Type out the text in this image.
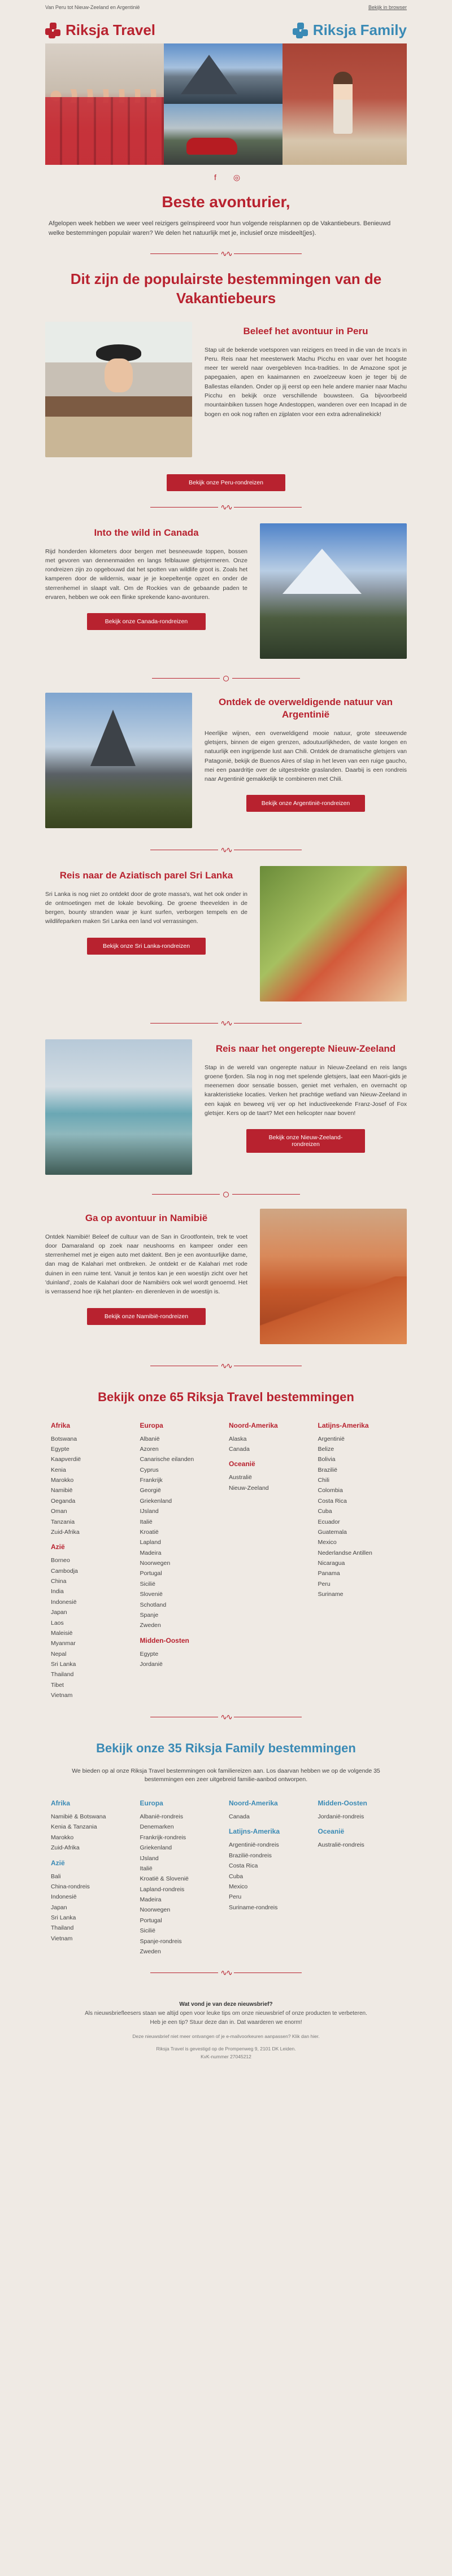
Van Peru tot Nieuw-Zeeland en Argentinië	Bekijk in browser
Riksja Travel	Riksja Family
f	◎
Beste avonturier,

Afgelopen week hebben we weer veel reizigers geïnspireerd voor hun volgende reisplannen op de Vakantiebeurs. Benieuwd welke bestemmingen populair waren? We delen het natuurlijk met je, inclusief onze misdeelt(jes).

∿∿
Dit zijn de populairste bestemmingen van de Vakantiebeurs
Beleef het avontuur in Peru

Stap uit de bekende voetsporen van reizigers en treed in die van de Inca's in Peru. Reis naar het meesterwerk Machu Picchu en vaar over het hoogste meer ter wereld naar overgebleven Inca-tradities. In de Amazone spot je papegaaien, apen en kaaimannen en zwoelzeeuw koen je teger bij de Ballestas eilanden. Onder op jij eerst op een hele andere manier naar Machu Picchu en bekijk onze verschillende bouwsteen. Ga bijvoorbeeld mountainbiken tussen hoge Andestoppen, wanderen over een Incapad in de bogen en ook nog raften en zijplaten voor een extra adrenalinekick!

Bekijk onze Peru-rondreizen
∿∿
Into the wild in Canada

Rijd honderden kilometers door bergen met besneeuwde toppen, bossen met gevoren van dennenmaiden en langs felblauwe gletsjermeren. Onze rondreizen zijn zo opgebouwd dat het spotten van wildlife groot is. Zoals het kamperen door de wildernis, waar je je koepeltentje opzet en onder de sterrenhemel in slaapt valt. Om de Rockies van de gebaande paden te ervaren, hebben we ook een flinke sprekende kano-avonturen.

Bekijk onze Canada-rondreizen
Ontdek de overweldigende natuur van Argentinië

Heerlijke wijnen, een overweldigend mooie natuur, grote steeuwende gletsjers, binnen de eigen grenzen, adoutuurlijkheden, de vaste longen en natuurlijk een ingrijpende lust aan Chili. Ontdek de dramatische gletsjers van Patagonië, bekijk de Buenos Aires of slap in het leven van een ruige gaucho, mei een paardritje over de uitgestrekte graslanden. Daarbij is een rondreis naar Argentinië gemakkelijk te combineren met Chili.

Bekijk onze Argentinië-rondreizen
∿∿
Reis naar de Aziatisch parel Sri Lanka

Sri Lanka is nog niet zo ontdekt door de grote massa's, wat het ook onder in de ontmoetingen met de lokale bevolking. De groene theevelden in de bergen, bounty stranden waar je kunt surfen, verborgen tempels en de wildlifeparken maken Sri Lanka een land vol verrassingen.

Bekijk onze Sri Lanka-rondreizen
∿∿
Reis naar het ongerepte Nieuw-Zeeland

Stap in de wereld van ongerepte natuur in Nieuw-Zeeland en reis langs groene fjorden. Sla nog in nog met spelende gletsjers, laat een Maori-gids je meenemen door sensatie bossen, geniet met verhalen, en overnacht op karakteristieke locaties. Verken het prachtige wetland van Nieuw-Zeeland in een kajak en beweeg vrij ver op het inductiveekende Franz-Josef of Fox gletsjer. Kers op de taart? Met een helicopter naar boven!

Bekijk onze Nieuw-Zeeland-rondreizen
Ga op avontuur in Namibië

Ontdek Namibië! Beleef de cultuur van de San in Grootfontein, trek te voet door Damaraland op zoek naar neushoorns en kampeer onder een sterrenhemel met je eigen auto met daktent. Ben je een avontuurlijke dame, dan mag de Kalahari met ontbreken. Je ontdekt er de Kalahari met rode duinen in een ruime tent. Vanuit je tentos kan je een woestijn zicht over het 'duinland', zoals de Kalahari door de Namibiërs ook wel wordt genoemd. Het is verrassend hoe rijk het planten- en dierenleven in de woestijn is.

Bekijk onze Namibië-rondreizen
∿∿
Bekijk onze 65 Riksja Travel bestemmingen
Afrika
Botswana
Egypte
Kaapverdië
Kenia
Marokko
Namibië
Oeganda
Oman
Tanzania
Zuid-Afrika
Azië
Borneo
Cambodja
China
India
Indonesië
Japan
Laos
Maleisië
Myanmar
Nepal
Sri Lanka
Thailand
Tibet
Vietnam
Europa
Albanië
Azoren
Canarische eilanden
Cyprus
Frankrijk
Georgië
Griekenland
IJsland
Italië
Kroatië
Lapland
Madeira
Noorwegen
Portugal
Sicilië
Slovenië
Schotland
Spanje
Zweden
Midden-Oosten
Egypte
Jordanië
Noord-Amerika
Alaska
Canada
Oceanië
Australië
Nieuw-Zeeland
Latijns-Amerika
Argentinië
Belize
Bolivia
Brazilië
Chili
Colombia
Costa Rica
Cuba
Ecuador
Guatemala
Mexico
Nederlandse Antillen
Nicaragua
Panama
Peru
Suriname
∿∿
Bekijk onze 35 Riksja Family bestemmingen

We bieden op al onze Riksja Travel bestemmingen ook familiereizen aan. Los daarvan hebben we op de volgende 35 bestemmingen een zeer uitgebreid familie-aanbod ontworpen.

Afrika
Namibië & Botswana
Kenia & Tanzania
Marokko
Zuid-Afrika
Azië
Bali
China-rondreis
Indonesië
Japan
Sri Lanka
Thailand
Vietnam
Europa
Albanië-rondreis
Denemarken
Frankrijk-rondreis
Griekenland
IJsland
Italië
Kroatië & Slovenië
Lapland-rondreis
Madeira
Noorwegen
Portugal
Sicilië
Spanje-rondreis
Zweden
Noord-Amerika
Canada
Latijns-Amerika
Argentinië-rondreis
Brazilië-rondreis
Costa Rica
Cuba
Mexico
Peru
Suriname-rondreis
Midden-Oosten
Jordanië-rondreis
Oceanië
Australië-rondreis
∿∿
Wat vond je van deze nieuwsbrief?
Als nieuwsbriefleesers staan we altijd open voor leuke tips om onze nieuwsbrief of onze producten te verbeteren.
Heb je een tip? Stuur deze dan in. Dat waarderen we enorm!
Deze nieuwsbrief niet meer ontvangen of je e-mailvoorkeuren aanpassen? Klik dan hier.
Riksja Travel is gevestigd op de Prompenweg 9, 2101 DK Leiden.
KvK-nummer 27045212
